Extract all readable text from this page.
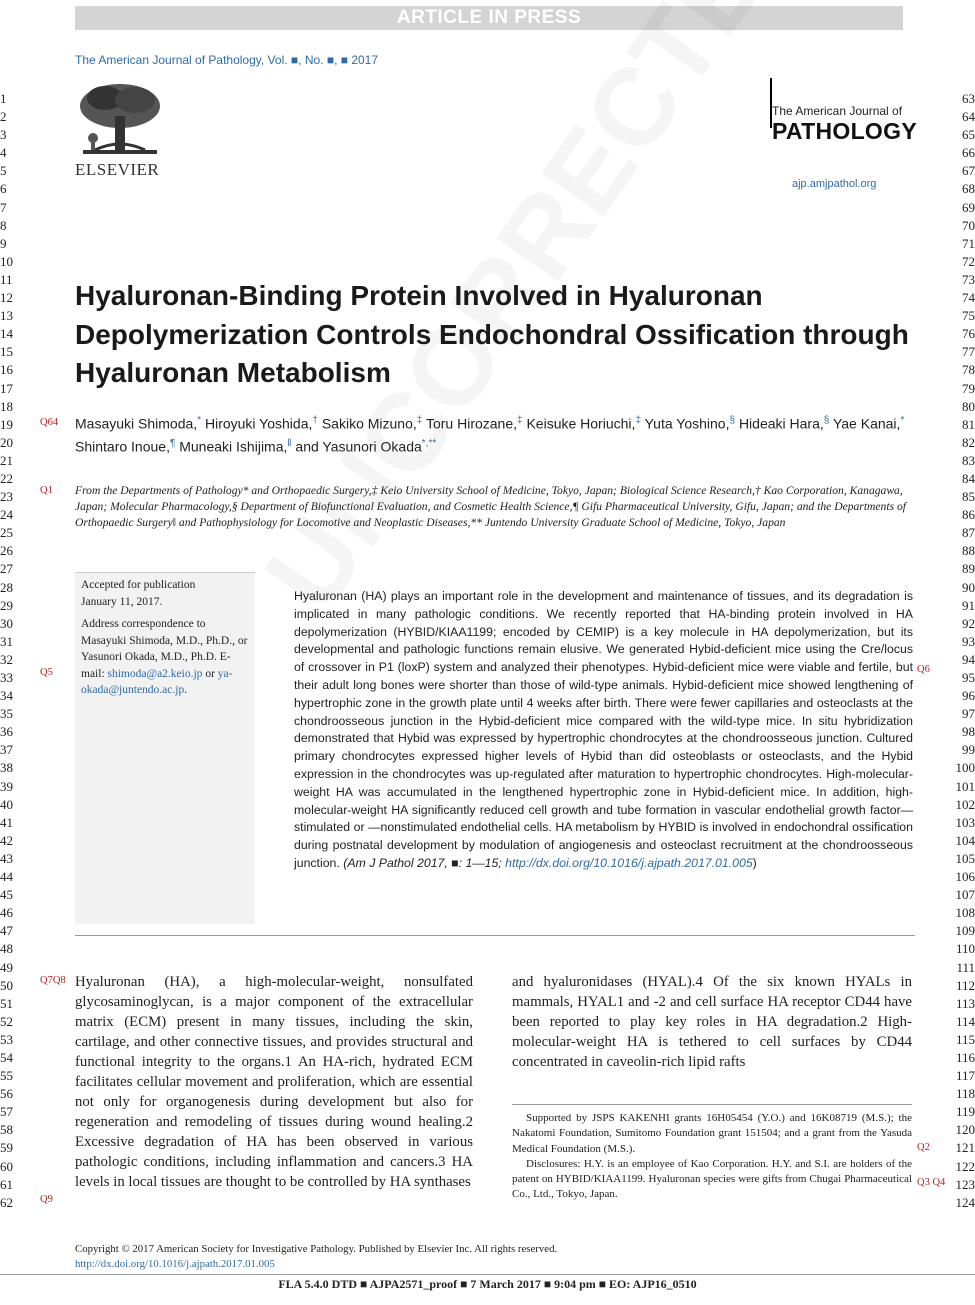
ARTICLE IN PRESS
The American Journal of Pathology, Vol. ■, No. ■, ■ 2017
1
2
3
4
5
6
7
8
9
10
11
12
13
14
15
16
17
18
19
20
21
22
23
24
25
26
27
28
29
30
31
32
33
34
35
36
37
38
39
40
41
42
43
44
45
46
47
48
49
50
51
52
53
54
55
56
57
58
59
60
61
62
63
64
65
66
67
68
69
70
71
72
73
74
75
76
77
78
79
80
81
82
83
84
85
86
87
88
89
90
91
92
93
94
95
96
97
98
99
100
101
102
103
104
105
106
107
108
109
110
111
112
113
114
115
116
117
118
119
120
121
122
123
124
ELSEVIER
The American Journal of
PATHOLOGY
ajp.amjpathol.org
Hyaluronan-Binding Protein Involved in Hyaluronan Depolymerization Controls Endochondral Ossification through Hyaluronan Metabolism
Q64 Masayuki Shimoda,* Hiroyuki Yoshida,† Sakiko Mizuno,‡ Toru Hirozane,‡ Keisuke Horiuchi,‡ Yuta Yoshino,§ Hideaki Hara,§ Yae Kanai,* Shintaro Inoue,¶ Muneaki Ishijima,‖ and Yasunori Okada*,**
Q1 From the Departments of Pathology* and Orthopaedic Surgery,‡ Keio University School of Medicine, Tokyo, Japan; Biological Science Research,† Kao Corporation, Kanagawa, Japan; Molecular Pharmacology,§ Department of Biofunctional Evaluation, and Cosmetic Health Science,¶ Gifu Pharmaceutical University, Gifu, Japan; and the Departments of Orthopaedic Surgery‖ and Pathophysiology for Locomotive and Neoplastic Diseases,** Juntendo University Graduate School of Medicine, Tokyo, Japan
Accepted for publication
January 11, 2017.
Address correspondence to Masayuki Shimoda, M.D., Ph.D., or Yasunori Okada, M.D., Ph.D. E-mail: shimoda@a2.keio.jp or ya-okada@juntendo.ac.jp.
Q5	Q6
Hyaluronan (HA) plays an important role in the development and maintenance of tissues, and its degradation is implicated in many pathologic conditions. We recently reported that HA-binding protein involved in HA depolymerization (HYBID/KIAA1199; encoded by CEMIP) is a key molecule in HA depolymerization, but its developmental and pathologic functions remain elusive. We generated Hybid-deficient mice using the Cre/locus of crossover in P1 (loxP) system and analyzed their phenotypes. Hybid-deficient mice were viable and fertile, but their adult long bones were shorter than those of wild-type animals. Hybid-deficient mice showed lengthening of hypertrophic zone in the growth plate until 4 weeks after birth. There were fewer capillaries and osteoclasts at the chondroosseous junction in the Hybid-deficient mice compared with the wild-type mice. In situ hybridization demonstrated that Hybid was expressed by hypertrophic chondrocytes at the chondroosseous junction. Cultured primary chondrocytes expressed higher levels of Hybid than did osteoblasts or osteoclasts, and the Hybid expression in the chondrocytes was up-regulated after maturation to hypertrophic chondrocytes. High-molecular-weight HA was accumulated in the lengthened hypertrophic zone in Hybid-deficient mice. In addition, high-molecular-weight HA significantly reduced cell growth and tube formation in vascular endothelial growth factor—stimulated or —nonstimulated endothelial cells. HA metabolism by HYBID is involved in endochondral ossification during postnatal development by modulation of angiogenesis and osteoclast recruitment at the chondroosseous junction. (Am J Pathol 2017, ■: 1—15; http://dx.doi.org/10.1016/j.ajpath.2017.01.005)
Q7Q8
Q9
Hyaluronan (HA), a high-molecular-weight, nonsulfated glycosaminoglycan, is a major component of the extracellular matrix (ECM) present in many tissues, including the skin, cartilage, and other connective tissues, and provides structural and functional integrity to the organs.1 An HA-rich, hydrated ECM facilitates cellular movement and proliferation, which are essential not only for organogenesis during development but also for regeneration and remodeling of tissues during wound healing.2 Excessive degradation of HA has been observed in various pathologic conditions, including inflammation and cancers.3 HA levels in local tissues are thought to be controlled by HA synthases
and hyaluronidases (HYAL).4 Of the six known HYALs in mammals, HYAL1 and -2 and cell surface HA receptor CD44 have been reported to play key roles in HA degradation.2 High-molecular-weight HA is tethered to cell surfaces by CD44 concentrated in caveolin-rich lipid rafts

Supported by JSPS KAKENHI grants 16H05454 (Y.O.) and 16K08719 (M.S.); the Nakatomi Foundation, Sumitomo Foundation grant 151504; and a grant from the Yasuda Medical Foundation (M.S.).

Disclosures: H.Y. is an employee of Kao Corporation. H.Y. and S.I. are holders of the patent on HYBID/KIAA1199. Hyaluronan species were gifts from Chugai Pharmaceutical Co., Ltd., Tokyo, Japan.

Q2
Q3 Q4
Copyright © 2017 American Society for Investigative Pathology. Published by Elsevier Inc. All rights reserved.
http://dx.doi.org/10.1016/j.ajpath.2017.01.005
FLA 5.4.0 DTD ■ AJPA2571_proof ■ 7 March 2017 ■ 9:04 pm ■ EO: AJP16_0510
